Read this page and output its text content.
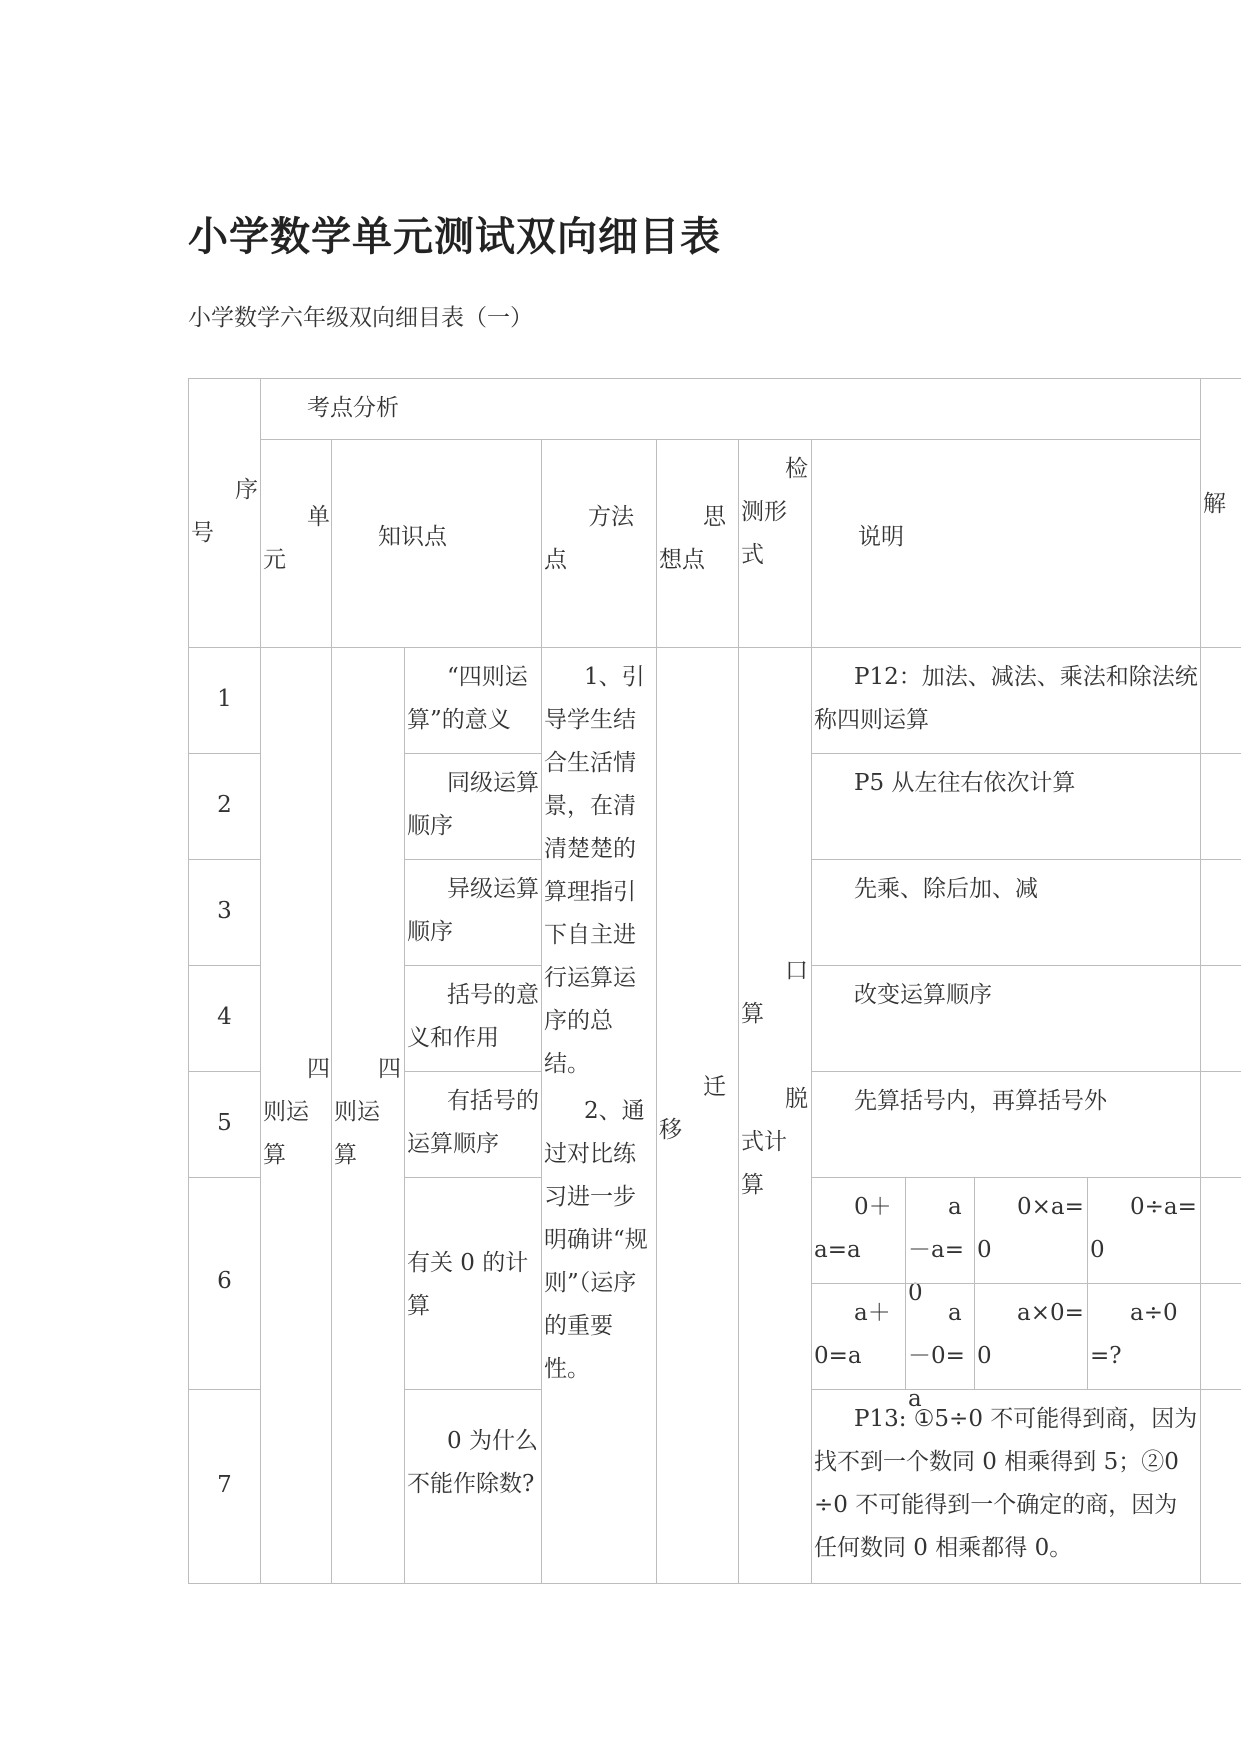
小学数学单元测试双向细目表

小学数学六年级双向细目表（一）

序号
考点分析
单元
知识点
方法点
思想点
检测形式
说明
解
1
2
3
4
5
6
7
四则运算
四则运算
“四则运算”的意义
同级运算顺序
异级运算顺序
括号的意义和作用
有括号的运算顺序
有关 0 的计算
0 为什么不能作除数?
1、引导学生结合生活情景，在清清楚楚的算理指引下自主进行运算运序的总结。
2、通过对比练习进一步明确讲“规则”（运序的重要性。
迁移
口算
脱式计算
P12：加法、减法、乘法和除法统称四则运算
P5 从左往右依次计算
先乘、除后加、减
改变运算顺序
先算括号内，再算括号外
0＋a=a
a－a=0
0×a=0
0÷a=0
a＋0=a
a－0=a
a×0=0
a÷0=?
P13: ①5÷0 不可能得到商，因为找不到一个数同 0 相乘得到 5；②0÷0 不可能得到一个确定的商，因为任何数同 0 相乘都得 0。
